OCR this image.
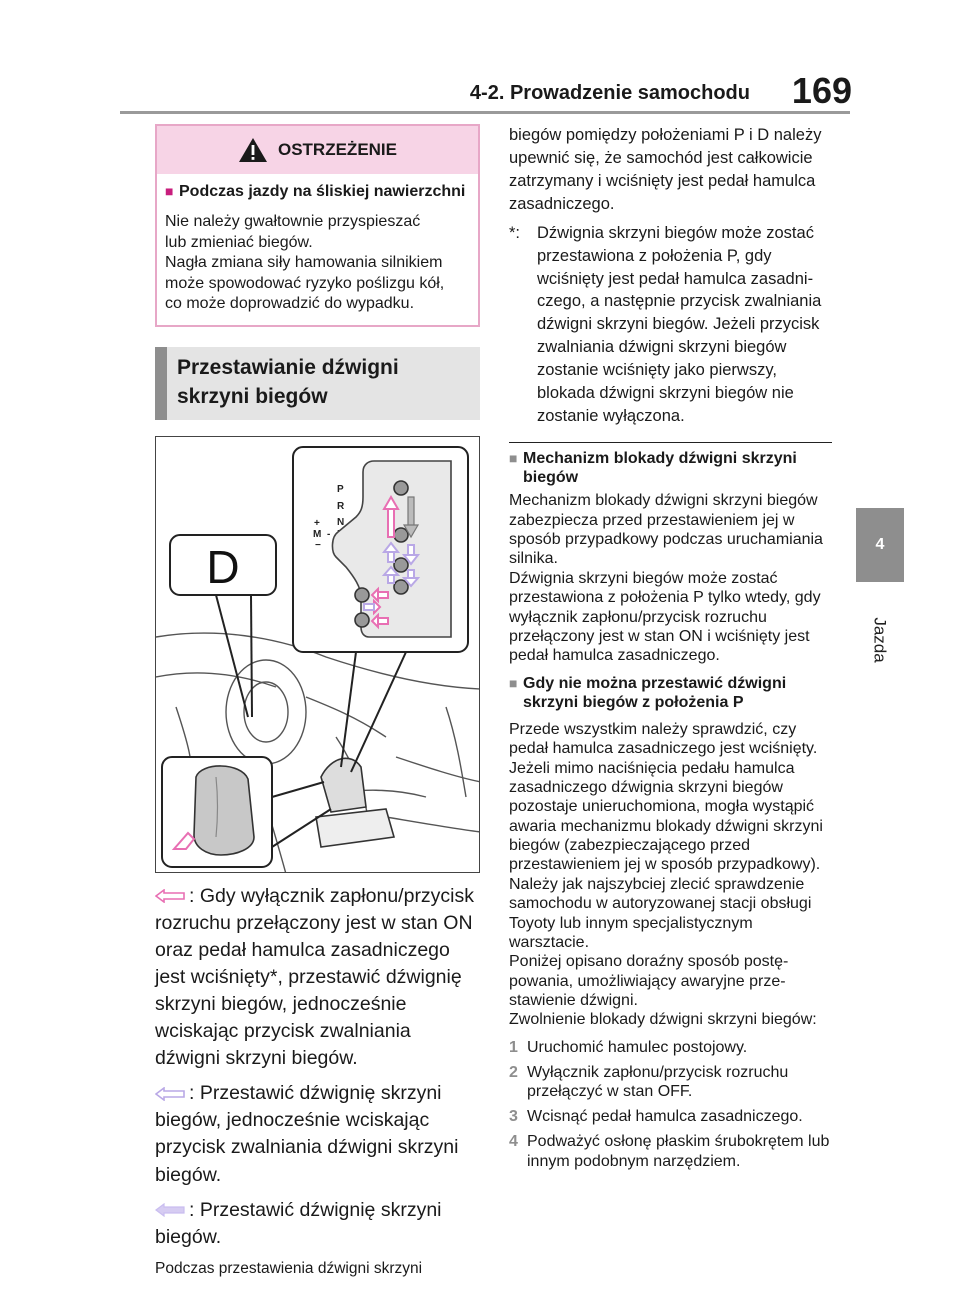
4-2. Prowadzenie samochodu 169
4
Jazda
OSTRZEŻENIE
■ Podczas jazdy na śliskiej nawierzchni
Nie należy gwałtownie przyspieszać
lub zmieniać biegów.
Nagła zmiana siły hamowania silnikiem
może spowodować ryzyko poślizgu kół,
co może doprowadzić do wypadku.
Przestawianie dźwigni skrzyni biegów
D
P
R
N
+
M -
−

: Gdy wyłącznik zapłonu/przycisk rozruchu przełączony jest w stan ON oraz pedał hamulca zasadniczego jest wciśnięty*, przestawić dźwignię skrzyni biegów, jednocześnie wciskając przycisk zwalniania dźwigni skrzyni biegów.

: Przestawić dźwignię skrzyni biegów, jednocześnie wciskając przycisk zwalniania dźwigni skrzyni biegów.

: Przestawić dźwignię skrzyni biegów.

Podczas przestawienia dźwigni skrzyni

biegów pomiędzy położeniami P i D należy upewnić się, że samochód jest całkowicie zatrzymany i wciśnięty jest pedał hamulca zasadniczego.

*:	Dźwignia skrzyni biegów może zostać przestawiona z położenia P, gdy wciśnięty jest pedał hamulca zasadniczego, a następnie przycisk zwalniania dźwigni skrzyni biegów. Jeżeli przycisk zwalniania dźwigni skrzyni biegów zostanie wciśnięty jako pierwszy, blokada dźwigni skrzyni biegów nie zostanie wyłączona.
■ Mechanizm blokady dźwigni skrzyni biegów

Mechanizm blokady dźwigni skrzyni biegów zabezpiecza przed przestawieniem jej w sposób przypadkowy podczas uruchamiania silnika.

Dźwignia skrzyni biegów może zostać przestawiona z położenia P tylko wtedy, gdy wyłącznik zapłonu/przycisk rozruchu przełączony jest w stan ON i wciśnięty jest pedał hamulca zasadniczego.

■ Gdy nie można przestawić dźwigni skrzyni biegów z położenia P

Przede wszystkim należy sprawdzić, czy pedał hamulca zasadniczego jest wciśnięty.

Jeżeli mimo naciśnięcia pedału hamulca zasadniczego dźwignia skrzyni biegów pozostaje unieruchomiona, mogła wystąpić awaria mechanizmu blokady dźwigni skrzyni biegów (zabezpieczającego przed przestawieniem jej w sposób przypadkowy).

Należy jak najszybciej zlecić sprawdzenie samochodu w autoryzowanej stacji obsługi Toyoty lub innym specjalistycznym warsztacie.

Poniżej opisano doraźny sposób postępowania, umożliwiający awaryjne przestawienie dźwigni.

Zwolnienie blokady dźwigni skrzyni biegów:

1 Uruchomić hamulec postojowy.
2 Wyłącznik zapłonu/przycisk rozruchu przełączyć w stan OFF.
3 Wcisnąć pedał hamulca zasadniczego.
4 Podważyć osłonę płaskim śrubokrętem lub innym podobnym narzędziem.
